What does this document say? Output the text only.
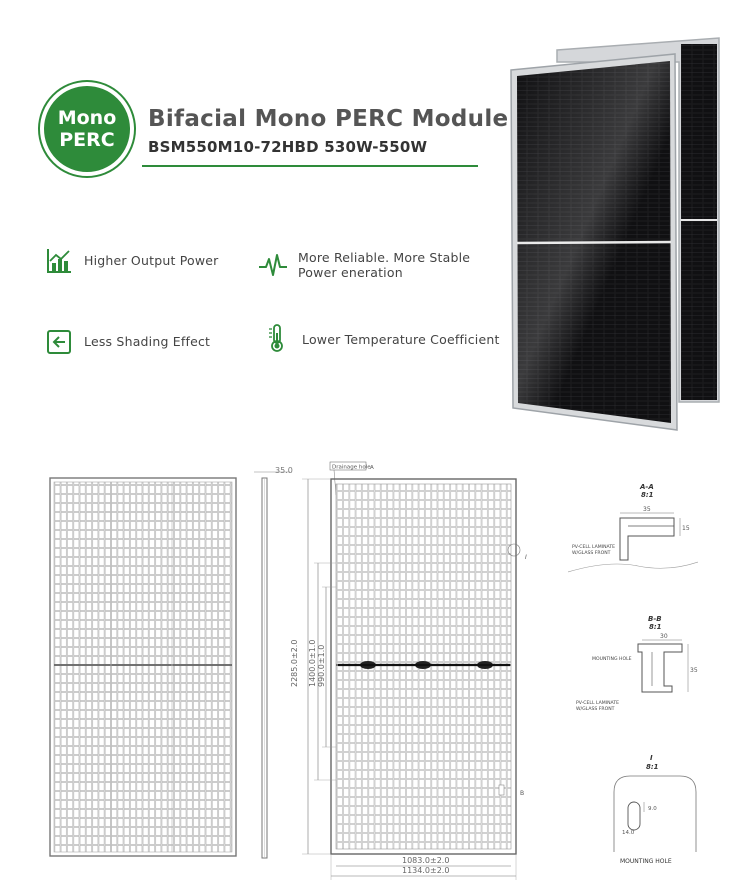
Mono
PERC
Bifacial Mono PERC Module
BSM550M10-72HBD 530W-550W
Higher Output Power	More Reliable. More Stable
Power eneration
Less Shading Effect	Lower Temperature Coefficient
35.0	Drainage hole A
I
B
2285.0±2.0 1400.0±1.0 990.0±1.0
1083.0±2.0
1134.0±2.0
A-A
8:1
35
15
PV-CELL LAMINATE
W/GLASS FRONT
B-B
8:1
MOUNTING HOLE
30
35
PV-CELL LAMINATE
W/GLASS FRONT
I
8:1
9.0
14.0
MOUNTING HOLE
